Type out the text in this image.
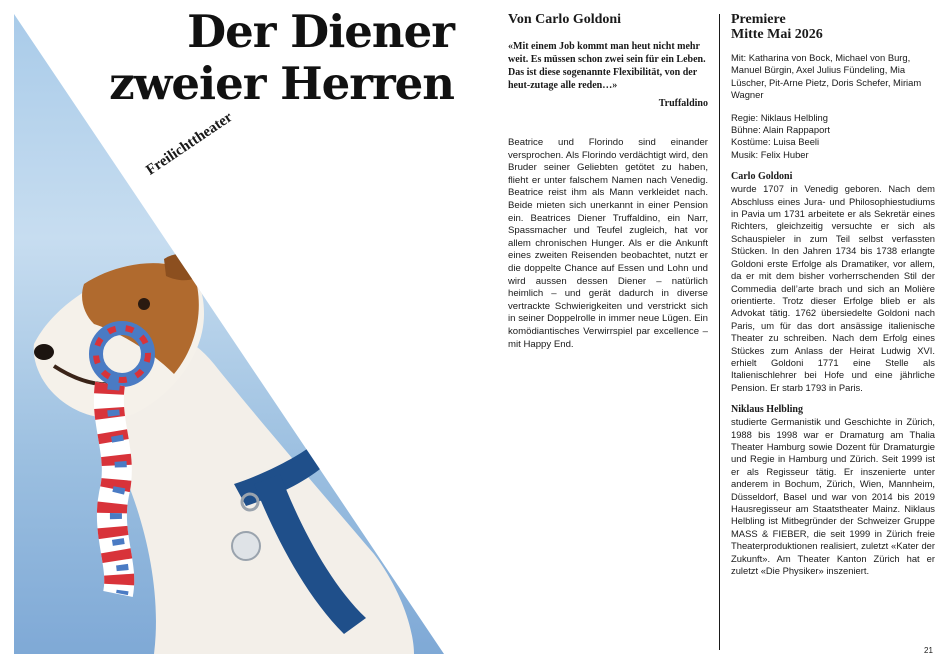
Der Diener
zweier Herren
Freilichttheater

Von Carlo Goldoni

«Mit einem Job kommt man heut nicht mehr weit. Es müssen schon zwei sein für ein Leben. Das ist diese sogenannte Flexibilität, von der heut-zutage alle reden…»

Truffaldino

Beatrice und Florindo sind einander versprochen. Als Florindo verdächtigt wird, den Bruder seiner Geliebten getötet zu haben, flieht er unter falschem Namen nach Venedig. Beatrice reist ihm als Mann verkleidet nach. Beide mieten sich unerkannt in einer Pension ein. Beatrices Diener Truffaldino, ein Narr, Spassmacher und Teufel zugleich, hat vor allem chronischen Hunger. Als er die Ankunft eines zweiten Reisenden beobachtet, nutzt er die doppelte Chance auf Essen und Lohn und wird aussen dessen Diener – natürlich heimlich – und gerät dadurch in diverse vertrackte Schwierigkeiten und verstrickt sich in seiner Doppelrolle in immer neue Lügen. Ein komödiantisches Verwirrspiel par excellence – mit Happy End.

Premiere
Mitte Mai 2026

Mit: Katharina von Bock, Michael von Burg, Manuel Bürgin, Axel Julius Fündeling, Mia Lüscher, Pit-Arne Pietz, Doris Schefer, Miriam Wagner

Regie: Niklaus Helbling

Bühne: Alain Rappaport

Kostüme: Luisa Beeli

Musik: Felix Huber

Carlo Goldoni

wurde 1707 in Venedig geboren. Nach dem Abschluss eines Jura- und Philosophiestudiums in Pavia um 1731 arbeitete er als Sekretär eines Richters, gleichzeitig versuchte er sich als Schauspieler in zum Teil selbst verfassten Stücken. In den Jahren 1734 bis 1738 erlangte Goldoni erste Erfolge als Dramatiker, vor allem, da er mit dem bisher vorherrschenden Stil der Commedia dell’arte brach und sich an Molière orientierte. Trotz dieser Erfolge blieb er als Advokat tätig. 1762 übersiedelte Goldoni nach Paris, um für das dort ansässige italienische Theater zu schreiben. Nach dem Erfolg eines Stückes zum Anlass der Heirat Ludwig XVI. erhielt Goldoni 1771 eine Stelle als Italienischlehrer bei Hofe und eine jährliche Pension. Er starb 1793 in Paris.

Niklaus Helbling

studierte Germanistik und Geschichte in Zürich, 1988 bis 1998 war er Dramaturg am Thalia Theater Hamburg sowie Dozent für Dramaturgie und Regie in Hamburg und Zürich. Seit 1999 ist er als Regisseur tätig. Er inszenierte unter anderem in Bochum, Zürich, Wien, Mannheim, Düsseldorf, Basel und war von 2014 bis 2019 Hausregisseur am Staatstheater Mainz. Niklaus Helbling ist Mitbegründer der Schweizer Gruppe MASS & FIEBER, die seit 1999 in Zürich freie Theaterproduktionen realisiert, zuletzt «Kater der Zukunft». Am Theater Kanton Zürich hat er zuletzt «Die Physiker» inszeniert.

21
